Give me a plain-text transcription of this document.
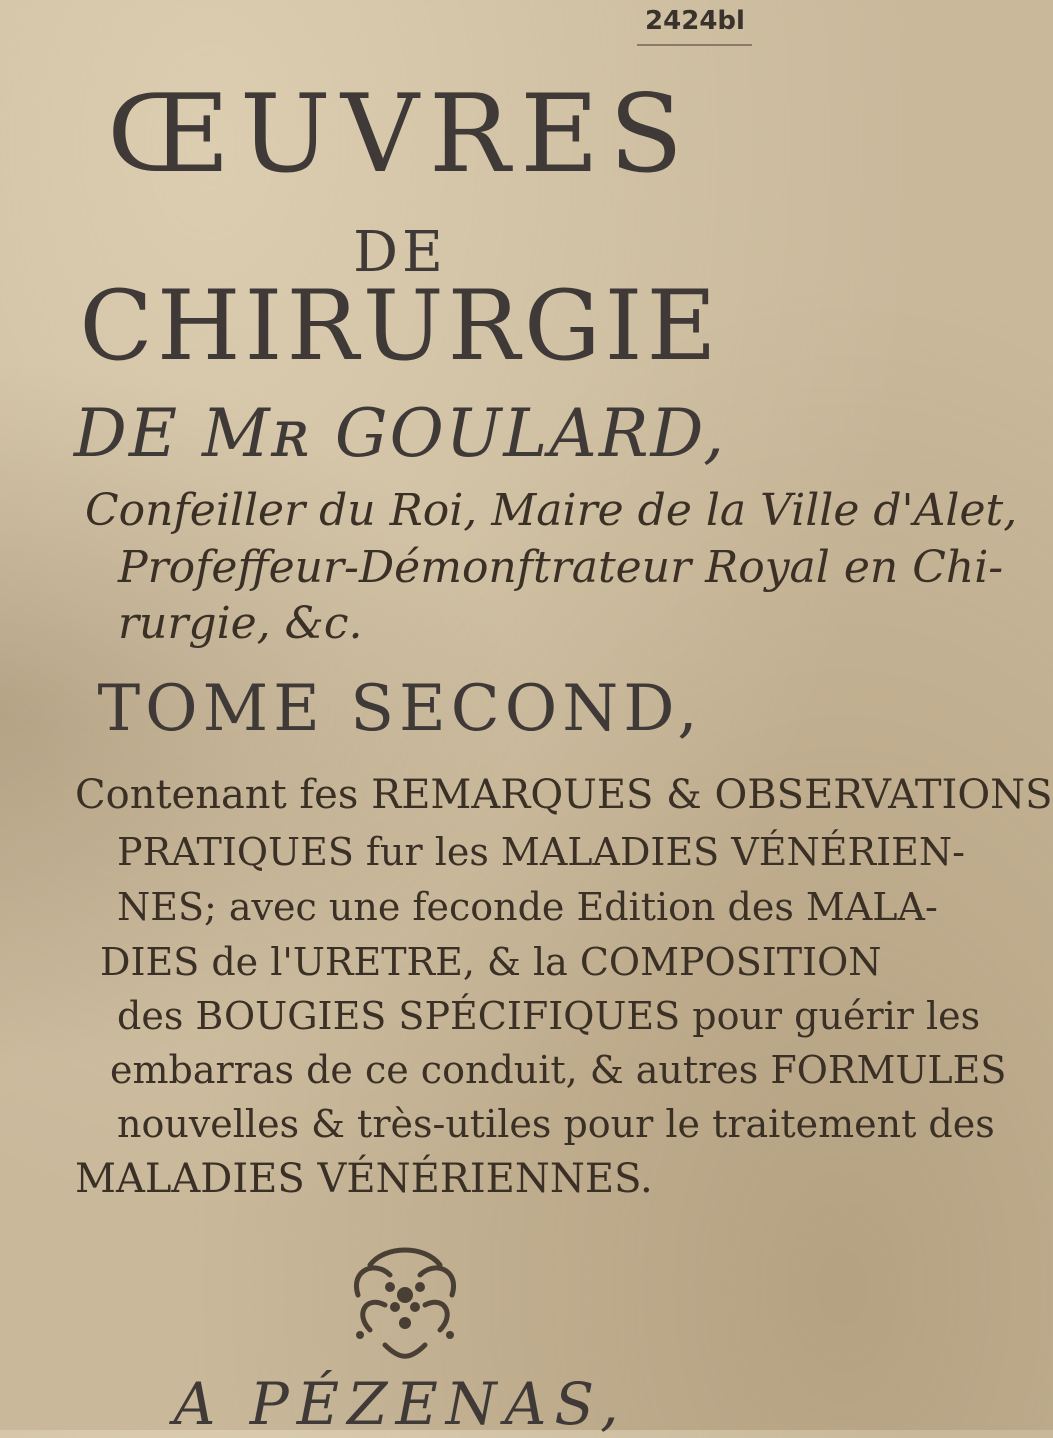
2424bl
ŒUVRES
DE
CHIRURGIE
DE Mʀ GOULARD,
Confeiller du Roi, Maire de la Ville d'Alet,
Profeffeur-Démonftrateur Royal en Chi-
rurgie, &c.
TOME SECOND,
Contenant fes REMARQUES & OBSERVATIONS
PRATIQUES fur les MALADIES VÉNÉRIEN-
NES; avec une feconde Edition des MALA-
DIES de l'URETRE, & la COMPOSITION
des BOUGIES SPÉCIFIQUES pour guérir les
embarras de ce conduit, & autres FORMULES
nouvelles & très-utiles pour le traitement des
MALADIES VÉNÉRIENNES.
A PÉZENAS,
